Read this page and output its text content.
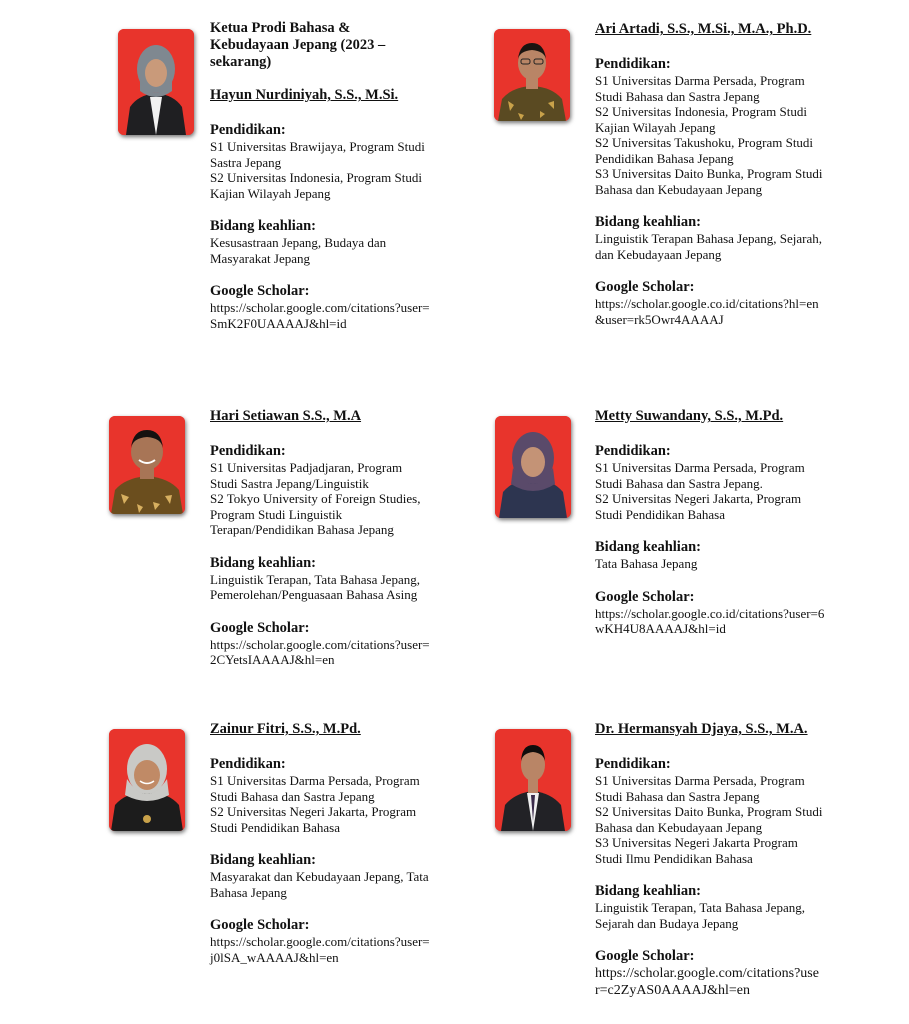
Ketua Prodi Bahasa &
Kebudayaan Jepang (2023 –
sekarang)
Hayun Nurdiniyah, S.S., M.Si.
Pendidikan:
S1 Universitas Brawijaya, Program Studi
Sastra Jepang
S2 Universitas Indonesia, Program Studi
Kajian Wilayah Jepang
Bidang keahlian:
Kesusastraan Jepang, Budaya dan
Masyarakat Jepang
Google Scholar:
https://scholar.google.com/citations?user=
SmK2F0UAAAAJ&hl=id
Ari Artadi, S.S., M.Si., M.A., Ph.D.
Pendidikan:
S1 Universitas Darma Persada, Program
Studi Bahasa dan Sastra Jepang
S2 Universitas Indonesia, Program Studi
Kajian Wilayah Jepang
S2 Universitas Takushoku, Program Studi
Pendidikan Bahasa Jepang
S3 Universitas Daito Bunka, Program Studi
Bahasa dan Kebudayaan Jepang
Bidang keahlian:
Linguistik Terapan Bahasa Jepang, Sejarah,
dan Kebudayaan Jepang
Google Scholar:
https://scholar.google.co.id/citations?hl=en
&user=rk5Owr4AAAAJ
Hari Setiawan S.S., M.A
Pendidikan:
S1 Universitas Padjadjaran, Program
Studi Sastra Jepang/Linguistik
S2 Tokyo University of Foreign Studies,
Program Studi Linguistik
Terapan/Pendidikan Bahasa Jepang
Bidang keahlian:
Linguistik Terapan, Tata Bahasa Jepang,
Pemerolehan/Penguasaan Bahasa Asing
Google Scholar:
https://scholar.google.com/citations?user=
2CYetsIAAAAJ&hl=en
Metty Suwandany, S.S., M.Pd.
Pendidikan:
S1 Universitas Darma Persada, Program
Studi Bahasa dan Sastra Jepang.
S2 Universitas Negeri Jakarta, Program
Studi Pendidikan Bahasa
Bidang keahlian:
Tata Bahasa Jepang
Google Scholar:
https://scholar.google.co.id/citations?user=6
wKH4U8AAAAJ&hl=id
Zainur Fitri, S.S., M.Pd.
Pendidikan:
S1 Universitas Darma Persada, Program
Studi Bahasa dan Sastra Jepang
S2 Universitas Negeri Jakarta, Program
Studi Pendidikan Bahasa
Bidang keahlian:
Masyarakat dan Kebudayaan Jepang, Tata
Bahasa Jepang
Google Scholar:
https://scholar.google.com/citations?user=
j0lSA_wAAAAJ&hl=en
Dr. Hermansyah Djaya, S.S., M.A.
Pendidikan:
S1 Universitas Darma Persada, Program
Studi Bahasa dan Sastra Jepang
S2 Universitas Daito Bunka, Program Studi
Bahasa dan Kebudayaan Jepang
S3 Universitas Negeri Jakarta Program
Studi Ilmu Pendidikan Bahasa
Bidang keahlian:
Linguistik Terapan, Tata Bahasa Jepang,
Sejarah dan Budaya Jepang
Google Scholar:
https://scholar.google.com/citations?use
r=c2ZyAS0AAAAJ&hl=en
